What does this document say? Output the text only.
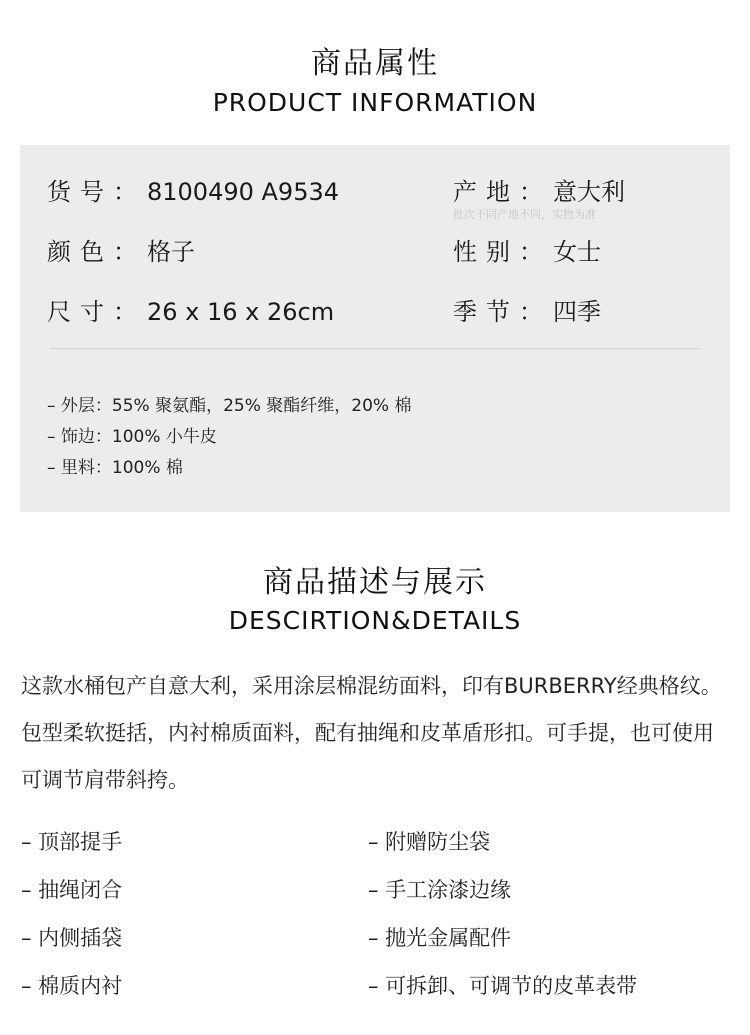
商品属性
PRODUCT INFORMATION
货号： 8100490 A9534	产地： 意大利
批次不同产地不同，实物为准
颜色： 格子	性别： 女士
尺寸： 26 x 16 x 26cm	季节： 四季
– 外层：55% 聚氨酯，25% 聚酯纤维，20% 棉
– 饰边：100% 小牛皮
– 里料：100% 棉
商品描述与展示
DESCIRTION&DETAILS

这款水桶包产自意大利，采用涂层棉混纺面料，印有BURBERRY经典格纹。包型柔软挺括，内衬棉质面料，配有抽绳和皮革盾形扣。可手提，也可使用可调节肩带斜挎。

– 顶部提手	– 附赠防尘袋
– 抽绳闭合	– 手工涂漆边缘
– 内侧插袋	– 抛光金属配件
– 棉质内衬	– 可拆卸、可调节的皮革表带
